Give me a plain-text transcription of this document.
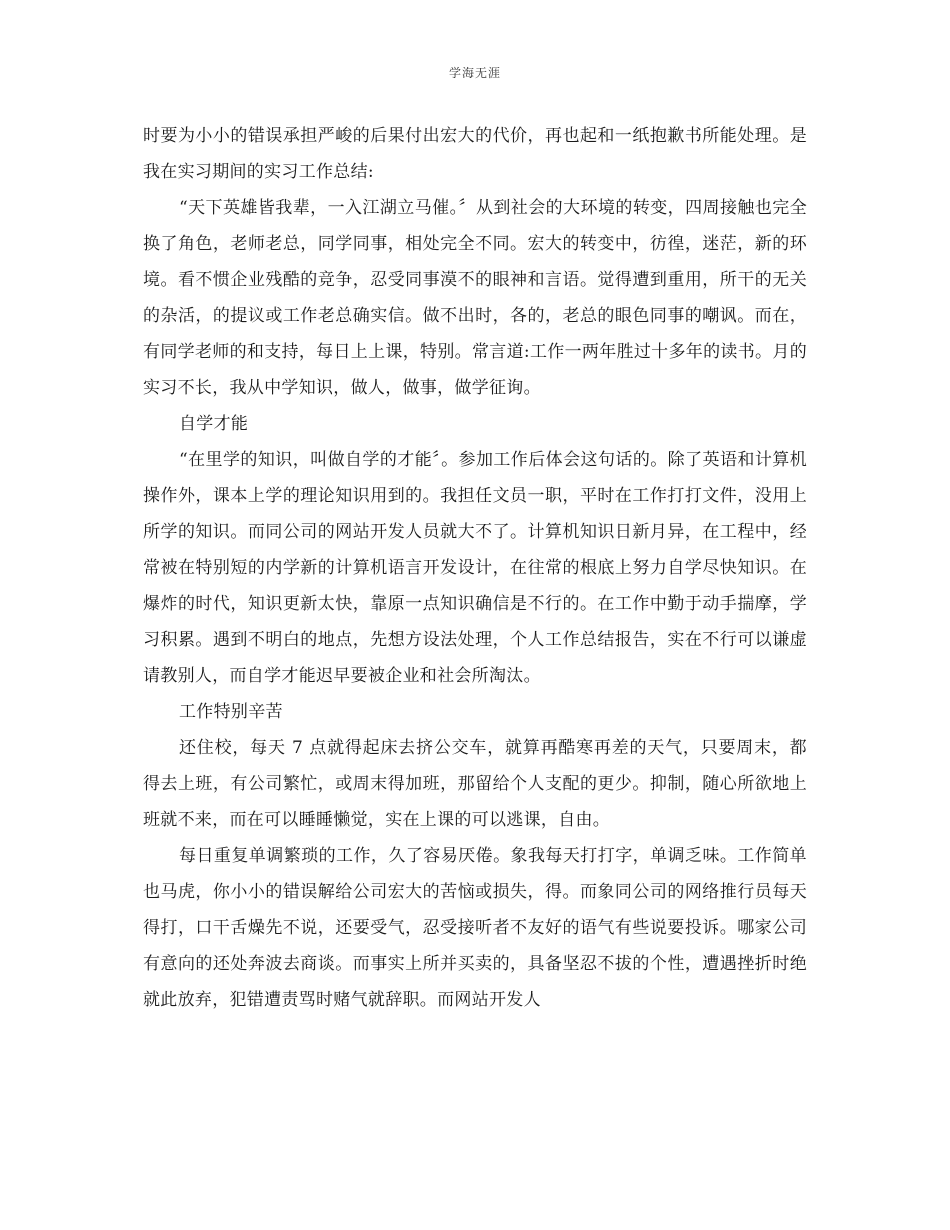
学海无涯

时要为小小的错误承担严峻的后果付出宏大的代价，再也起和一纸抱歉书所能处理。是我在实习期间的实习工作总结:

“天下英雄皆我辈，一入江湖立马催。〞从到社会的大环境的转变，四周接触也完全换了角色，老师老总，同学同事，相处完全不同。宏大的转变中，彷徨，迷茫，新的环境。看不惯企业残酷的竞争，忍受同事漠不的眼神和言语。觉得遭到重用，所干的无关的杂活，的提议或工作老总确实信。做不出时，各的，老总的眼色同事的嘲讽。而在，有同学老师的和支持，每日上上课，特别。常言道:工作一两年胜过十多年的读书。月的实习不长，我从中学知识，做人，做事，做学征询。

自学才能

“在里学的知识，叫做自学的才能〞。参加工作后体会这句话的。除了英语和计算机操作外，课本上学的理论知识用到的。我担任文员一职，平时在工作打打文件，没用上所学的知识。而同公司的网站开发人员就大不了。计算机知识日新月异，在工程中，经常被在特别短的内学新的计算机语言开发设计，在往常的根底上努力自学尽快知识。在爆炸的时代，知识更新太快，靠原一点知识确信是不行的。在工作中勤于动手揣摩，学习积累。遇到不明白的地点，先想方设法处理，个人工作总结报告，实在不行可以谦虚请教别人，而自学才能迟早要被企业和社会所淘汰。

工作特别辛苦

还住校，每天 7 点就得起床去挤公交车，就算再酷寒再差的天气，只要周末，都得去上班，有公司繁忙，或周末得加班，那留给个人支配的更少。抑制，随心所欲地上班就不来，而在可以睡睡懒觉，实在上课的可以逃课，自由。

每日重复单调繁琐的工作，久了容易厌倦。象我每天打打字，单调乏味。工作简单也马虎，你小小的错误解给公司宏大的苦恼或损失，得。而象同公司的网络推行员每天得打，口干舌燥先不说，还要受气，忍受接听者不友好的语气有些说要投诉。哪家公司有意向的还处奔波去商谈。而事实上所并买卖的，具备坚忍不拔的个性，遭遇挫折时绝就此放弃，犯错遭责骂时赌气就辞职。而网站开发人
